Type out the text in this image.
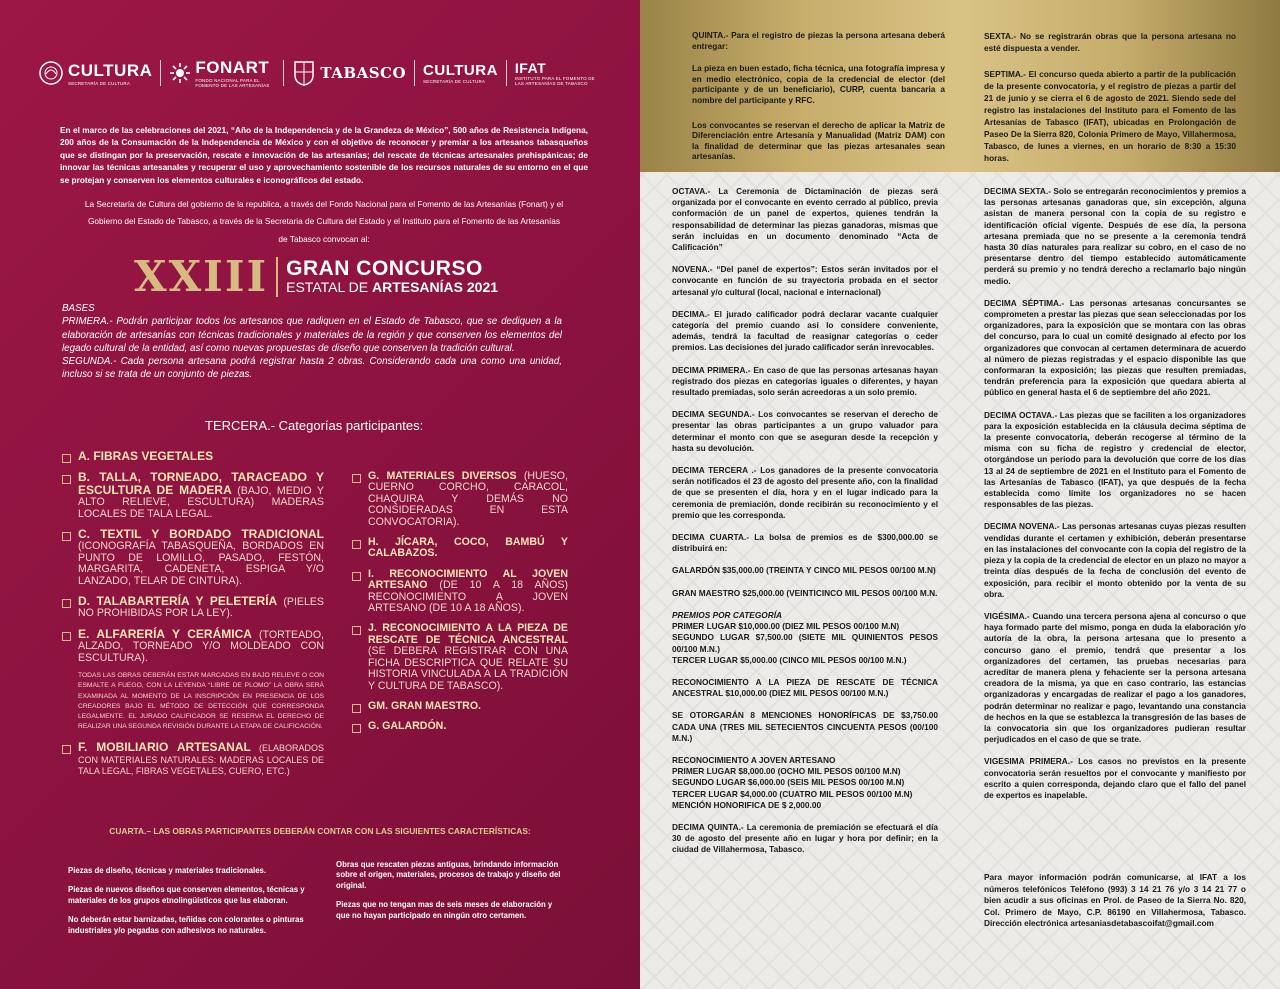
CULTURA
SECRETARÍA DE CULTURA
FONART
FONDO NACIONAL PARA EL FOMENTO DE LAS ARTESANÍAS
TABASCO CULTURA
SECRETARÍA DE CULTURA
IFAT
INSTITUTO PARA EL FOMENTO DE LAS ARTESANÍAS DE TABASCO

En el marco de las celebraciones del 2021, “Año de la Independencia y de la Grandeza de México”, 500 años de Resistencia Indígena, 200 años de la Consumación de la Independencia de México y con el objetivo de reconocer y premiar a los artesanos tabasqueños que se distingan por la preservación, rescate e innovación de las artesanías; del rescate de técnicas artesanales prehispánicas; de innovar las técnicas artesanales y recuperar el uso y aprovechamiento sostenible de los recursos naturales de su entorno en el que se protejan y conserven los elementos culturales e iconográficos del estado.

La Secretaría de Cultura del gobierno de la republica, a través del Fondo Nacional para el Fomento de las Artesanías (Fonart) y el Gobierno del Estado de Tabasco, a través de la Secretaria de Cultura del Estado y el Instituto para el Fomento de las Artesanías de Tabasco convocan al:

XXIII GRAN CONCURSO
ESTATAL DE ARTESANÍAS 2021

BASES

PRIMERA.- Podrán participar todos los artesanos que radiquen en el Estado de Tabasco, que se dediquen a la elaboración de artesanías con técnicas tradicionales y materiales de la región y que conserven los elementos del legado cultural de la entidad, así como nuevas propuestas de diseño que conserven la tradición cultural.

SEGUNDA.- Cada persona artesana podrá registrar hasta 2 obras. Considerando cada una como una unidad, incluso si se trata de un conjunto de piezas.

TERCERA.- Categorías participantes:
A. FIBRAS VEGETALES
B. TALLA, TORNEADO, TARACEADO Y ESCULTURA DE MADERA (BAJO, MEDIO Y ALTO RELIEVE, ESCULTURA) MADERAS LOCALES DE TALA LEGAL.
C. TEXTIL Y BORDADO TRADICIONAL (ICONOGRAFÍA TABASQUEÑA, BORDADOS EN PUNTO DE LOMILLO, PASADO, FESTÓN, MARGARITA, CADENETA, ESPIGA Y/O LANZADO, TELAR DE CINTURA).
D. TALABARTERÍA Y PELETERÍA (PIELES NO PROHIBIDAS POR LA LEY).
E. ALFARERÍA Y CERÁMICA (TORTEADO, ALZADO, TORNEADO Y/O MOLDEADO CON ESCULTURA).
TODAS LAS OBRAS DEBERÁN ESTAR MARCADAS EN BAJO RELIEVE O CON ESMALTE A FUEGO, CON LA LEYENDA “LIBRE DE PLOMO” LA OBRA SERÁ EXAMINADA AL MOMENTO DE LA INSCRIPCIÓN EN PRESENCIA DE LOS CREADORES BAJO EL MÉTODO DE DETECCIÓN QUE CORRESPONDA LEGALMENTE. EL JURADO CALIFICADOR SE RESERVA EL DERECHO DE REALIZAR UNA SEGUNDA REVISIÓN DURANTE LA ETAPA DE CALIFICACIÓN.
F. MOBILIARIO ARTESANAL (ELABORADOS CON MATERIALES NATURALES: MADERAS LOCALES DE TALA LEGAL, FIBRAS VEGETALES, CUERO, ETC.)
G. MATERIALES DIVERSOS (HUESO, CUERNO CORCHO, CARACOL, CHAQUIRA Y DEMÁS NO CONSIDERADAS EN ESTA CONVOCATORIA).
H. JÍCARA, COCO, BAMBÚ Y CALABAZOS.
I. RECONOCIMIENTO AL JOVEN ARTESANO (DE 10 A 18 AÑOS) RECONOCIMIENTO A JOVEN ARTESANO (DE 10 A 18 AÑOS).
J. RECONOCIMIENTO A LA PIEZA DE RESCATE DE TÉCNICA ANCESTRAL (SE DEBERA REGISTRAR CON UNA FICHA DESCRIPTICA QUE RELATE SU HISTORIA VINCULADA A LA TRADICIÓN Y CULTURA DE TABASCO).
GM. GRAN MAESTRO.
G. GALARDÓN.

CUARTA.– LAS OBRAS PARTICIPANTES DEBERÁN CONTAR CON LAS SIGUIENTES CARACTERÍSTICAS:

Piezas de diseño, técnicas y materiales tradicionales.

Piezas de nuevos diseños que conserven elementos, técnicas y materiales de los grupos etnolingüísticos que las elaboran.

No deberán estar barnizadas, teñidas con colorantes o pinturas industriales y/o pegadas con adhesivos no naturales.

Obras que rescaten piezas antiguas, brindando información sobre el origen, materiales, procesos de trabajo y diseño del original.

Piezas que no tengan mas de seis meses de elaboración y que no hayan participado en ningún otro certamen.

QUINTA.- Para el registro de piezas la persona artesana deberá entregar:

La pieza en buen estado, ficha técnica, una fotografía impresa y en medio electrónico, copia de la credencial de elector (del participante y de un beneficiario), CURP, cuenta bancaria a nombre del participante y RFC.

Los convocantes se reservan el derecho de aplicar la Matriz de Diferenciación entre Artesanía y Manualidad (Matriz DAM) con la finalidad de determinar que las piezas artesanales sean artesanías.

SEXTA.- No se registrarán obras que la persona artesana no esté dispuesta a vender.

SEPTIMA.- El concurso queda abierto a partir de la publicación de la presente convocatoria, y el registro de piezas a partir del 21 de junio y se cierra el 6 de agosto de 2021. Siendo sede del registro las instalaciones del Instituto para el Fomento de las Artesanías de Tabasco (IFAT), ubicadas en Prolongación de Paseo De la Sierra 820, Colonia Primero de Mayo, Villahermosa, Tabasco, de lunes a viernes, en un horario de 8:30 a 15:30 horas.

OCTAVA.- La Ceremonia de Dictaminación de piezas será organizada por el convocante en evento cerrado al público, previa conformación de un panel de expertos, quienes tendrán la responsabilidad de determinar las piezas ganadoras, mismas que serán incluidas en un documento denominado “Acta de Calificación”

NOVENA.- “Del panel de expertos”: Estos serán invitados por el convocante en función de su trayectoria probada en el sector artesanal y/o cultural (local, nacional e internacional)

DECIMA.- El jurado calificador podrá declarar vacante cualquier categoría del premio cuando así lo considere conveniente, además, tendrá la facultad de reasignar categorías o ceder premios. Las decisiones del jurado calificador serán inrevocables.

DECIMA PRIMERA.- En caso de que las personas artesanas hayan registrado dos piezas en categorías iguales o diferentes, y hayan resultado premiadas, solo serán acreedoras a un solo premio.

DECIMA SEGUNDA.- Los convocantes se reservan el derecho de presentar las obras participantes a un grupo valuador para determinar el monto con que se aseguran desde la recepción y hasta su devolución.

DECIMA TERCERA .- Los ganadores de la presente convocatoria serán notificados el 23 de agosto del presente año, con la finalidad de que se presenten el día, hora y en el lugar indicado para la ceremonia de premiación, donde recibirán su reconocimiento y el premio que les corresponda.

DECIMA CUARTA.- La bolsa de premios es de $300,000.00 se distribuirá en:

GALARDÓN $35,000.00 (TREINTA Y CINCO MIL PESOS 00/100 M.N)

GRAN MAESTRO $25,000.00 (VEINTICINCO MIL PESOS 00/100 M.N.

PREMIOS POR CATEGORÍA
PRIMER LUGAR $10,000.00 (DIEZ MIL PESOS 00/100 M.N)
SEGUNDO LUGAR $7,500.00 (SIETE MIL QUINIENTOS PESOS 00/100 M.N.)
TERCER LUGAR $5,000.00 (CINCO MIL PESOS 00/100 M.N.)

RECONOCIMIENTO A LA PIEZA DE RESCATE DE TÉCNICA ANCESTRAL $10,000.00 (DIEZ MIL PESOS 00/100 M.N.)

SE OTORGARÁN 8 MENCIONES HONORÍFICAS DE $3,750.00 CADA UNA (TRES MIL SETECIENTOS CINCUENTA PESOS (00/100 M.N.)

RECONOCIMIENTO A JOVEN ARTESANO
PRIMER LUGAR $8,000.00 (OCHO MIL PESOS 00/100 M.N)
SEGUNDO LUGAR $6,000.00 (SEIS MIL PESOS 00/100 M.N)
TERCER LUGAR $4,000.00 (CUATRO MIL PESOS 00/100 M.N)
MENCIÓN HONORIFICA DE $ 2,000.00

DECIMA QUINTA.- La ceremonia de premiación se efectuará el día 30 de agosto del presente año en lugar y hora por definir; en la ciudad de Villahermosa, Tabasco.

DECIMA SEXTA.- Solo se entregarán reconocimientos y premios a las personas artesanas ganadoras que, sin excepción, alguna asistan de manera personal con la copia de su registro e identificación oficial vigente. Después de ese día, la persona artesana premiada que no se presente a la ceremonia tendrá hasta 30 días naturales para realizar su cobro, en el caso de no presentarse dentro del tiempo establecido automáticamente perderá su premio y no tendrá derecho a reclamarlo bajo ningún medio.

DECIMA SÉPTIMA.- Las personas artesanas concursantes se comprometen a prestar las piezas que sean seleccionadas por los organizadores, para la exposición que se montara con las obras del concurso, para lo cual un comité designado al efecto por los organizadores que convocan al certamen determinara de acuerdo al número de piezas registradas y el espacio disponible las que conformaran la exposición; las piezas que resulten premiadas, tendrán preferencia para la exposición que quedara abierta al público en general hasta el 6 de septiembre del año 2021.

DECIMA OCTAVA.- Las piezas que se faciliten a los organizadores para la exposición establecida en la cláusula decima séptima de la presente convocatoria, deberán recogerse al término de la misma con su ficha de registro y credencial de elector, otorgándose un periodo para la devolución que corre de los días 13 al 24 de septiembre de 2021 en el Instituto para el Fomento de las Artesanías de Tabasco (IFAT), ya que después de la fecha establecida como límite los organizadores no se hacen responsables de las piezas.

DECIMA NOVENA.- Las personas artesanas cuyas piezas resulten vendidas durante el certamen y exhibición, deberán presentarse en las instalaciones del convocante con la copia del registro de la pieza y la copia de la credencial de elector en un plazo no mayor a treinta días después de la fecha de conclusión del evento de exposición, para recibir el monto obtenido por la venta de su obra.

VIGÉSIMA.- Cuando una tercera persona ajena al concurso o que haya formado parte del mismo, ponga en duda la elaboración y/o autoría de la obra, la persona artesana que lo presento a concurso gano el premio, tendrá que presentar a los organizadores del certamen, las pruebas necesarias para acreditar de manera plena y fehaciente ser la persona artesana creadora de la misma, ya que en caso contrario, las estancias organizadoras y encargadas de realizar el pago a los ganadores, podrán determinar no realizar e pago, levantando una constancia de hechos en la que se establezca la transgresión de las bases de la convocatoria sin que los organizadores pudieran resultar perjudicados en el caso de que se trate.

VIGESIMA PRIMERA.- Los casos no previstos en la presente convocatoria serán resueltos por el convocante y manifiesto por escrito a quien corresponda, dejando claro que el fallo del panel de expertos es inapelable.

Para mayor información podrán comunicarse, al IFAT a los números telefónicos Teléfono (993) 3 14 21 76 y/o 3 14 21 77 o bien acudir a sus oficinas en Prol. de Paseo de la Sierra No. 820, Col. Primero de Mayo, C.P. 86190 en Villahermosa, Tabasco. Dirección electrónica artesaniasdetabascoifat@gmail.com
